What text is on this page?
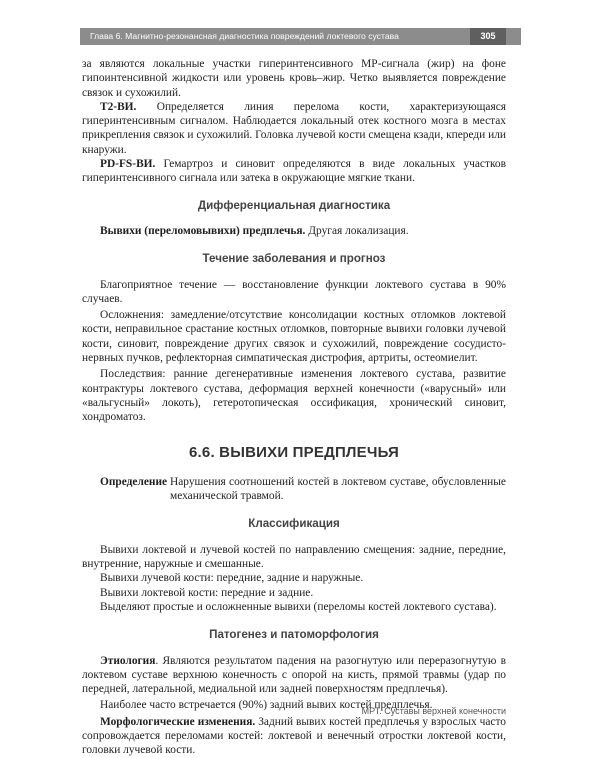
Глава 6. Магнитно-резонансная диагностика повреждений локтевого сустава	305

за являются локальные участки гиперинтенсивного МР-сигнала (жир) на фоне гипоинтенсивной жидкости или уровень кровь–жир. Четко выявляется повреждение связок и сухожилий.

T2-ВИ. Определяется линия перелома кости, характеризующаяся гиперинтенсивным сигналом. Наблюдается локальный отек костного мозга в местах прикрепления связок и сухожилий. Головка лучевой кости смещена кзади, кпереди или кнаружи.

PD-FS-ВИ. Гемартроз и синовит определяются в виде локальных участков гиперинтенсивного сигнала или затека в окружающие мягкие ткани.

Дифференциальная диагностика

Вывихи (переломовывихи) предплечья. Другая локализация.

Течение заболевания и прогноз

Благоприятное течение — восстановление функции локтевого сустава в 90% случаев.

Осложнения: замедление/отсутствие консолидации костных отломков локтевой кости, неправильное срастание костных отломков, повторные вывихи головки лучевой кости, синовит, повреждение других связок и сухожилий, повреждение сосудисто-нервных пучков, рефлекторная симпатическая дистрофия, артриты, остеомиелит.

Последствия: ранние дегенеративные изменения локтевого сустава, развитие контрактуры локтевого сустава, деформация верхней конечности («варусный» или «вальгусный» локоть), гетеротопическая оссификация, хронический синовит, хондроматоз.

6.6. ВЫВИХИ ПРЕДПЛЕЧЬЯ
Определение Нарушения соотношений костей в локтевом суставе, обусловленные механической травмой.
Классификация

Вывихи локтевой и лучевой костей по направлению смещения: задние, передние, внутренние, наружные и смешанные.

Вывихи лучевой кости: передние, задние и наружные.

Вывихи локтевой кости: передние и задние.

Выделяют простые и осложненные вывихи (переломы костей локтевого сустава).

Патогенез и патоморфология

Этиология. Являются результатом падения на разогнутую или переразогнутую в локтевом суставе верхнюю конечность с опорой на кисть, прямой травмы (удар по передней, латеральной, медиальной или задней поверхностям предплечья).

Наиболее часто встречается (90%) задний вывих костей предплечья.

Морфологические изменения. Задний вывих костей предплечья у взрослых часто сопровождается переломами костей: локтевой и венечный отростки локтевой кости, головки лучевой кости.

МРТ. Суставы верхней конечности
